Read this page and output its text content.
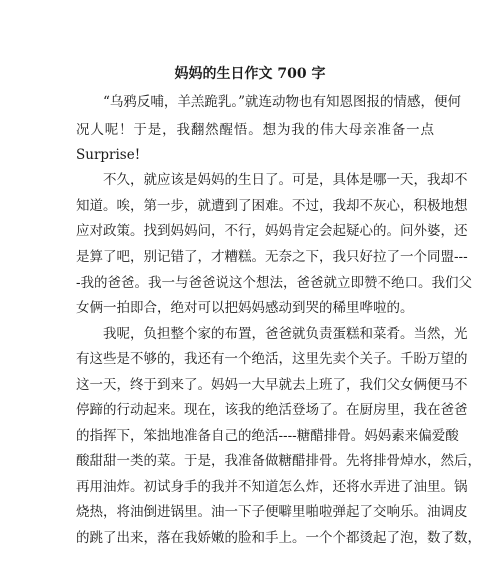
妈妈的生日作文 700 字
“乌鸦反哺，羊羔跪乳。”就连动物也有知恩图报的情感，便何
况人呢！于是，我翻然醒悟。想为我的伟大母亲准备一点
Surprise!
不久，就应该是妈妈的生日了。可是，具体是哪一天，我却不
知道。唉，第一步，就遭到了困难。不过，我却不灰心，积极地想
应对政策。找到妈妈问，不行，妈妈肯定会起疑心的。问外婆，还
是算了吧，别记错了，才糟糕。无奈之下，我只好拉了一个同盟---
-我的爸爸。我一与爸爸说这个想法，爸爸就立即赞不绝口。我们父
女俩一拍即合，绝对可以把妈妈感动到哭的稀里哗啦的。
我呢，负担整个家的布置，爸爸就负责蛋糕和菜肴。当然，光
有这些是不够的，我还有一个绝活，这里先卖个关子。千盼万望的
这一天，终于到来了。妈妈一大早就去上班了，我们父女俩便马不
停蹄的行动起来。现在，该我的绝活登场了。在厨房里，我在爸爸
的指挥下，笨拙地准备自己的绝活----糖醋排骨。妈妈素来偏爱酸
酸甜甜一类的菜。于是，我准备做糖醋排骨。先将排骨焯水，然后，
再用油炸。初试身手的我并不知道怎么炸，还将水弄进了油里。锅
烧热，将油倒进锅里。油一下子便噼里啪啦弹起了交响乐。油调皮
的跳了出来，落在我娇嫩的脸和手上。一个个都烫起了泡，数了数，
